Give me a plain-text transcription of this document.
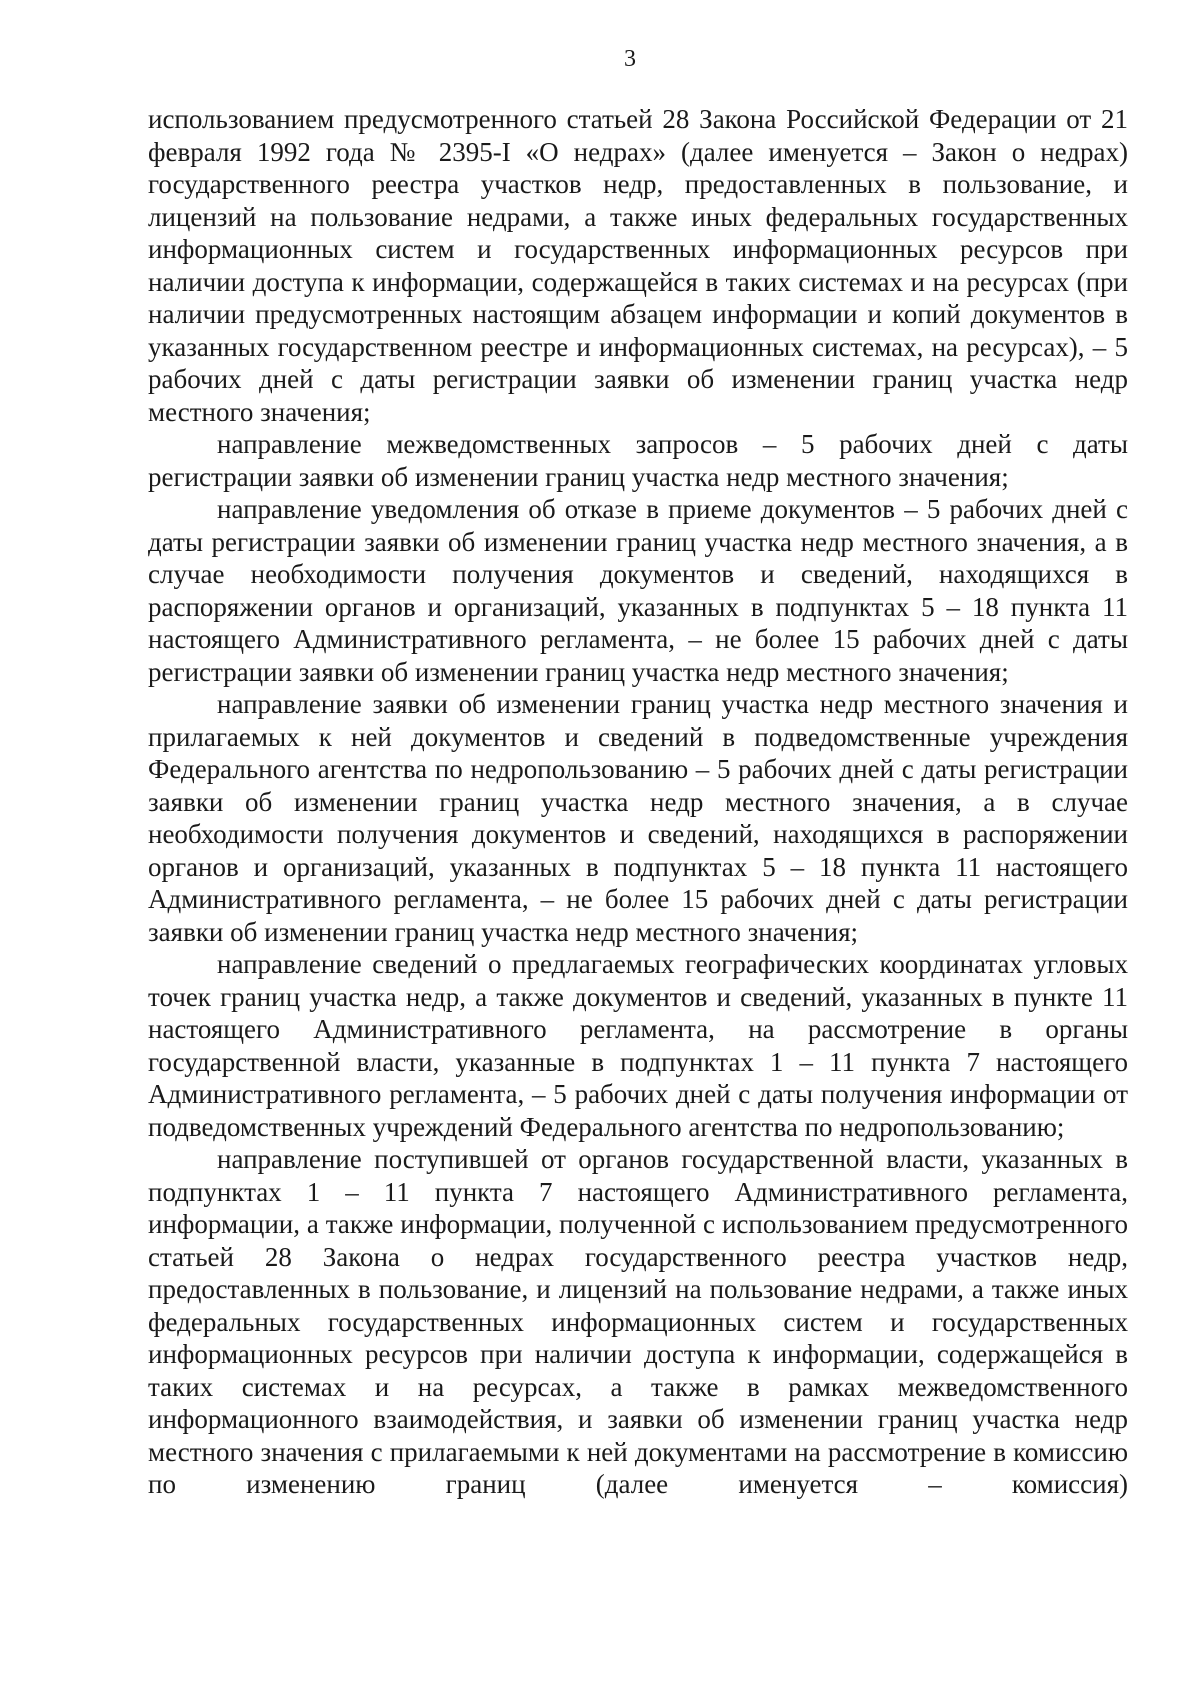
3

использованием предусмотренного статьей 28 Закона Российской Федерации от 21 февраля 1992 года № 2395-I «О недрах» (далее именуется – Закон о недрах) государственного реестра участков недр, предоставленных в пользование, и лицензий на пользование недрами, а также иных федеральных государственных информационных систем и государственных информационных ресурсов при наличии доступа к информации, содержащейся в таких системах и на ресурсах (при наличии предусмотренных настоящим абзацем информации и копий документов в указанных государственном реестре и информационных системах, на ресурсах), – 5 рабочих дней с даты регистрации заявки об изменении границ участка недр местного значения;

направление межведомственных запросов – 5 рабочих дней с даты регистрации заявки об изменении границ участка недр местного значения;

направление уведомления об отказе в приеме документов – 5 рабочих дней с даты регистрации заявки об изменении границ участка недр местного значения, а в случае необходимости получения документов и сведений, находящихся в распоряжении органов и организаций, указанных в подпунктах 5 – 18 пункта 11 настоящего Административного регламента, – не более 15 рабочих дней с даты регистрации заявки об изменении границ участка недр местного значения;

направление заявки об изменении границ участка недр местного значения и прилагаемых к ней документов и сведений в подведомственные учреждения Федерального агентства по недропользованию – 5 рабочих дней с даты регистрации заявки об изменении границ участка недр местного значения, а в случае необходимости получения документов и сведений, находящихся в распоряжении органов и организаций, указанных в подпунктах 5 – 18 пункта 11 настоящего Административного регламента, – не более 15 рабочих дней с даты регистрации заявки об изменении границ участка недр местного значения;

направление сведений о предлагаемых географических координатах угловых точек границ участка недр, а также документов и сведений, указанных в пункте 11 настоящего Административного регламента, на рассмотрение в органы государственной власти, указанные в подпунктах 1 – 11 пункта 7 настоящего Административного регламента, – 5 рабочих дней с даты получения информации от подведомственных учреждений Федерального агентства по недропользованию;

направление поступившей от органов государственной власти, указанных в подпунктах 1 – 11 пункта 7 настоящего Административного регламента, информации, а также информации, полученной с использованием предусмотренного статьей 28 Закона о недрах государственного реестра участков недр, предоставленных в пользование, и лицензий на пользование недрами, а также иных федеральных государственных информационных систем и государственных информационных ресурсов при наличии доступа к информации, содержащейся в таких системах и на ресурсах, а также в рамках межведомственного информационного взаимодействия, и заявки об изменении границ участка недр местного значения с прилагаемыми к ней документами на рассмотрение в комиссию по изменению границ (далее именуется – комиссия)
